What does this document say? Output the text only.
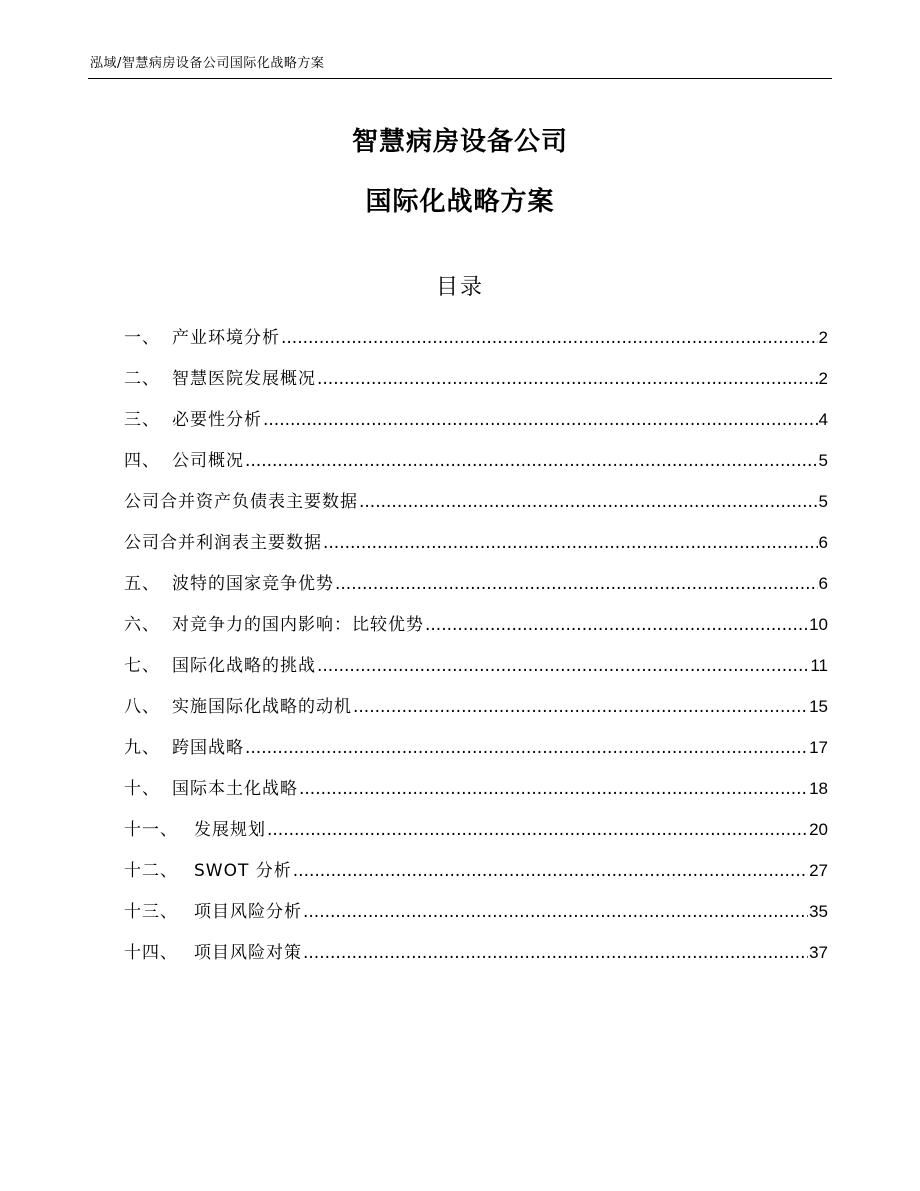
泓域/智慧病房设备公司国际化战略方案
智慧病房设备公司
国际化战略方案
目录
一、 产业环境分析 .....	2
二、 智慧医院发展概况 .....	2
三、 必要性分析 .....	4
四、 公司概况 .....	5
公司合并资产负债表主要数据 .....	5
公司合并利润表主要数据 .....	6
五、 波特的国家竞争优势 .....	6
六、 对竞争力的国内影响：比较优势 .....	10
七、 国际化战略的挑战 .....	11
八、 实施国际化战略的动机 .....	15
九、 跨国战略 .....	17
十、 国际本土化战略 .....	18
十一、 发展规划 .....	20
十二、 SWOT 分析 .....	27
十三、 项目风险分析 .....	35
十四、 项目风险对策 .....	37
